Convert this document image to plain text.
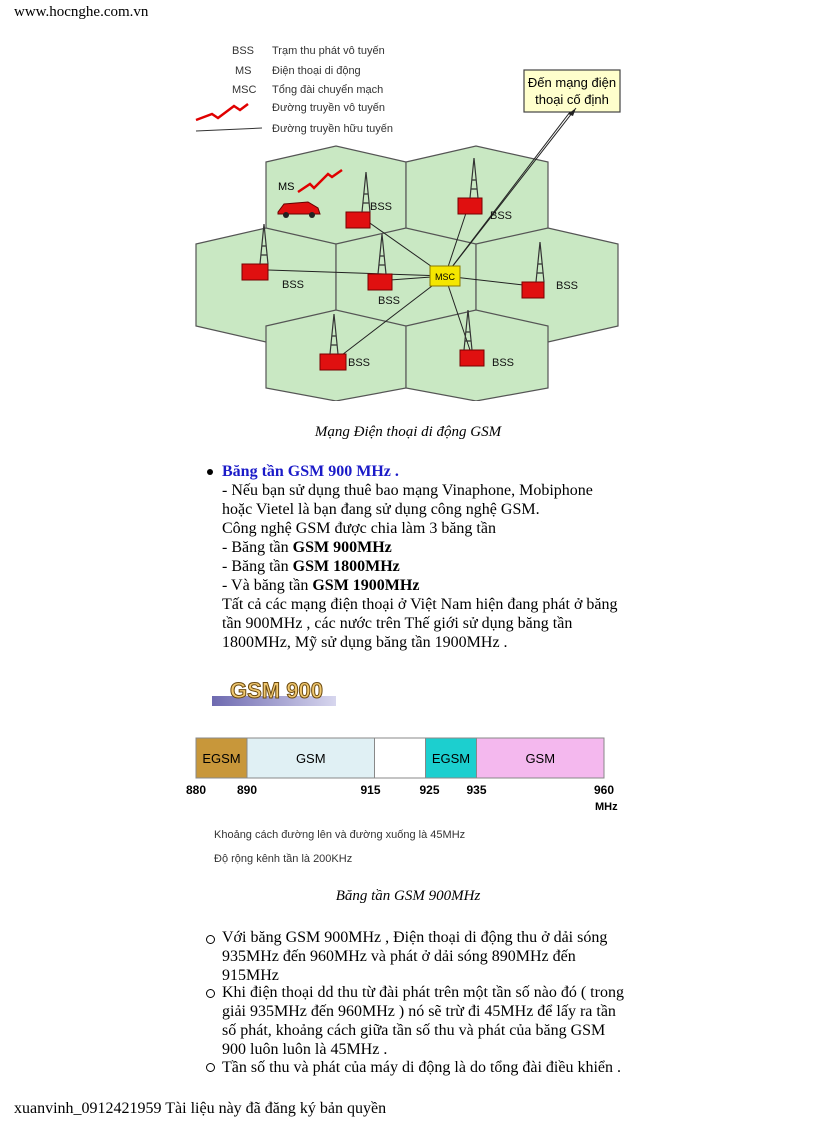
www.hocnghe.com.vn
BSS Trạm thu phát vô tuyến
MS Điện thoại di động
MSC Tổng đài chuyển mạch
Đường truyền vô tuyến
Đường truyền hữu tuyến
Đến mạng điện
thoại cố định
BSS
BSS
BSS
BSS
BSS
BSS	BSS
MS
MSC
Mạng Điện thoại di động GSM
Băng tần GSM 900 MHz .
- Nếu bạn sử dụng thuê bao mạng Vinaphone, Mobiphone
hoặc Vietel là bạn đang sử dụng công nghệ GSM.
Công nghệ GSM được chia làm 3 băng tần
- Băng tần GSM 900MHz
- Băng tần GSM 1800MHz
- Và băng tần GSM 1900MHz
Tất cả các mạng điện thoại ở Việt Nam hiện đang phát ở băng
tần 900MHz , các nước trên Thế giới sử dụng băng tần
1800MHz, Mỹ sử dụng băng tần 1900MHz .
GSM 900
EGSM	GSM	EGSM	GSM
880	890	915	925 935	960
MHz
Khoảng cách đường lên và đường xuống là 45MHz
Độ rộng kênh tần là 200KHz
Băng tần GSM 900MHz
Với băng GSM 900MHz , Điện thoại di động thu ở dải sóng
935MHz đến 960MHz và phát ở dải sóng 890MHz đến
915MHz
Khi điện thoại dd thu từ đài phát trên một tần số nào đó ( trong
giải 935MHz đến 960MHz ) nó sẽ trừ đi 45MHz để lấy ra tần
số phát, khoảng cách giữa tần số thu và phát của băng GSM
900 luôn luôn là 45MHz .
Tần số thu và phát của máy di động là do tổng đài điều khiển .
xuanvinh_0912421959 Tài liệu này đã đăng ký bản quyền
